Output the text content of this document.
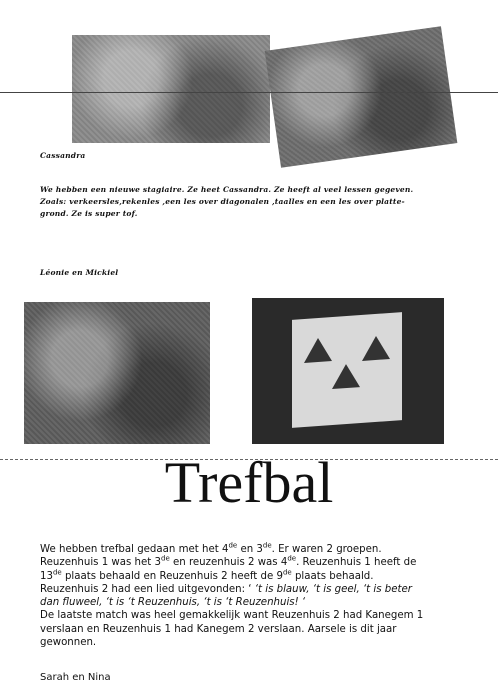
Cassandra
We hebben een nieuwe stagiaire. Ze heet Cassandra. Ze heeft al veel lessen gegeven.
Zoals: verkeersles,rekenles ,een les over diagonalen ,taalles en een les over platte-
grond. Ze is super tof.
Léonie en Mickiel
Trefbal

We hebben trefbal gedaan met het 4de en 3de. Er waren 2 groepen.

Reuzenhuis 1 was het 3de en reuzenhuis 2 was 4de. Reuzenhuis 1 heeft de

13de plaats behaald en Reuzenhuis 2 heeft de 9de plaats behaald.

Reuzenhuis 2 had een lied uitgevonden: ‘ ‘t is blauw, ‘t is geel, ‘t is beter

dan fluweel, ‘t is ‘t Reuzenhuis, ‘t is ‘t Reuzenhuis! ‘

De laatste match was heel gemakkelijk want Reuzenhuis 2 had Kanegem 1

verslaan en Reuzenhuis 1 had Kanegem 2 verslaan. Aarsele is dit jaar

gewonnen.

Sarah en Nina
